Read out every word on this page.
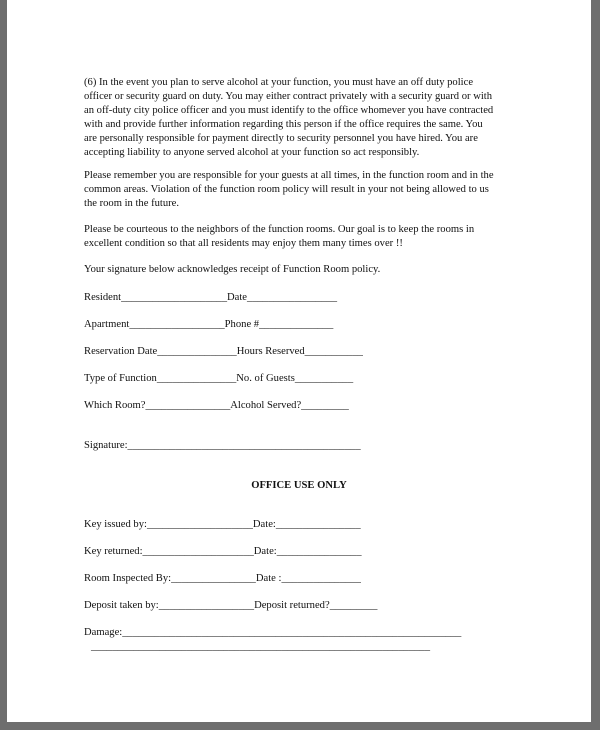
(6) In the event you plan to serve alcohol at your function, you must have an off duty police
officer or security guard on duty. You may either contract privately with a security guard or with
an off-duty city police officer and you must identify to the office whomever you have contracted
with and provide further information regarding this person if the office requires the same. You
are personally responsible for payment directly to security personnel you have hired. You are
accepting liability to anyone served alcohol at your function so act responsibly.
Please remember you are responsible for your guests at all times, in the function room and in the
common areas. Violation of the function room policy will result in your not being allowed to us
the room in the future.
Please be courteous to the neighbors of the function rooms. Our goal is to keep the rooms in
excellent condition so that all residents may enjoy them many times over !!
Your signature below acknowledges receipt of Function Room policy.
Resident____________________Date_________________
Apartment__________________Phone #______________
Reservation Date_______________Hours Reserved___________
Type of Function_______________No. of Guests___________
Which Room?________________Alcohol Served?_________
Signature:____________________________________________
OFFICE USE ONLY
Key issued by:____________________Date:________________
Key returned:_____________________Date:________________
Room Inspected By:________________Date :_______________
Deposit taken by:__________________Deposit returned?_________
Damage:________________________________________________________________
________________________________________________________________
